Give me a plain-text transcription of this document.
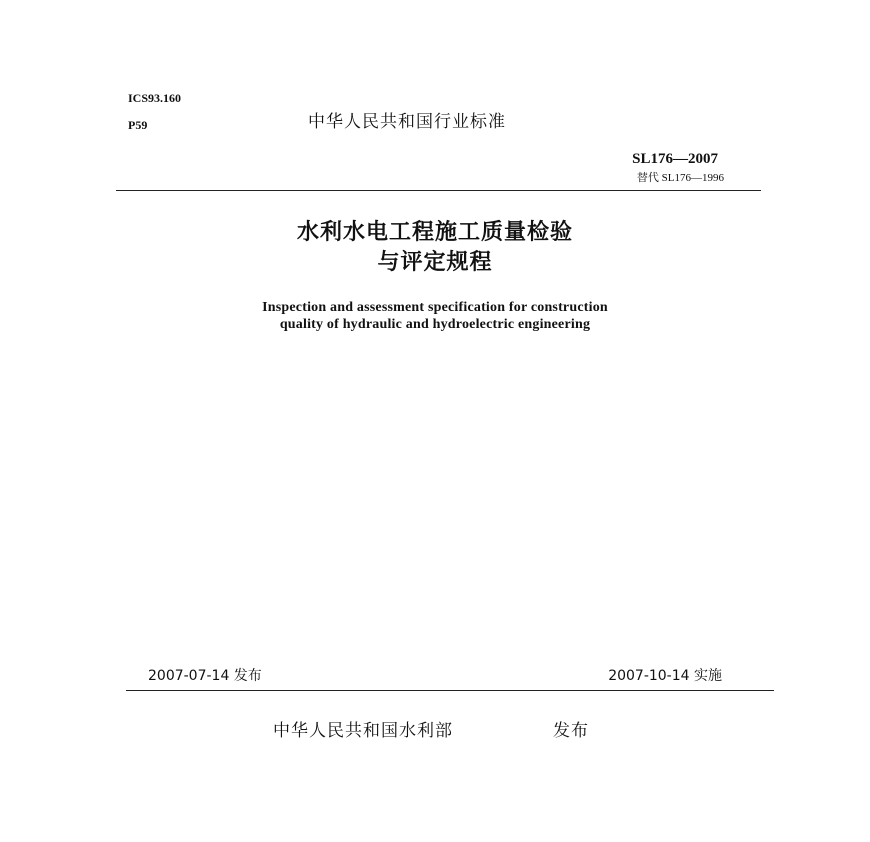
ICS93.160
P59	中华人民共和国行业标准
SL176—2007
替代 SL176—1996
水利水电工程施工质量检验
与评定规程
Inspection and assessment specification for construction
quality of hydraulic and hydroelectric engineering
2007-07-14 发布	2007-10-14 实施
中华人民共和国水利部	发布
